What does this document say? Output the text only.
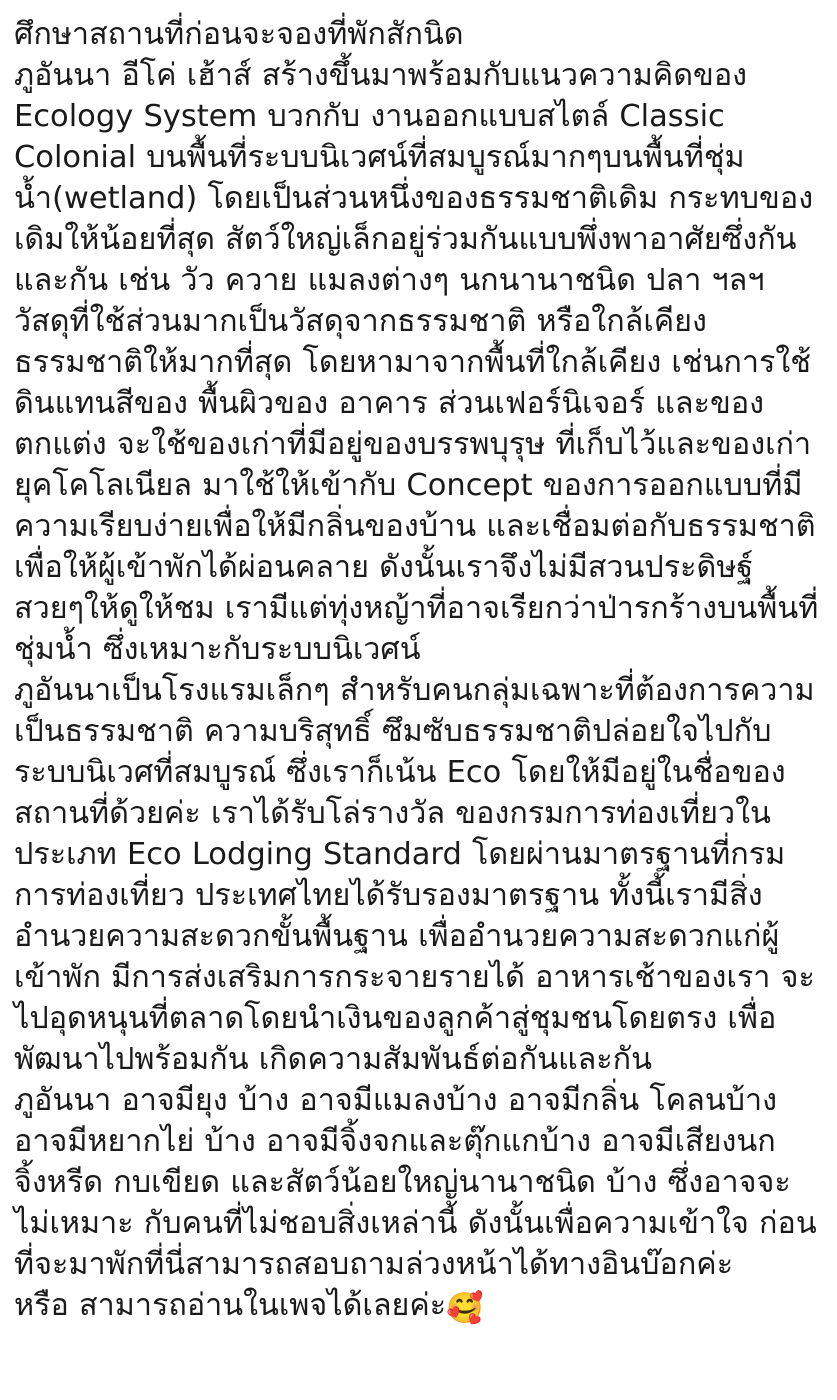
ศึกษาสถานที่ก่อนจะจองที่พักสักนิด

ภูอันนา อีโค่ เฮ้าส์ สร้างขึ้นมาพร้อมกับแนวความคิดของ Ecology System บวกกับ งานออกแบบสไตล์ Classic Colonial บนพื้นที่ระบบนิเวศน์ที่สมบูรณ์มากๆบนพื้นที่ชุ่มน้ำ(wetland) โดยเป็นส่วนหนึ่งของธรรมชาติเดิม กระทบของเดิมให้น้อยที่สุด สัตว์ใหญ่เล็กอยู่ร่วมกันแบบพึ่งพาอาศัยซึ่งกันและกัน เช่น วัว ควาย แมลงต่างๆ นกนานาชนิด ปลา ฯลฯ วัสดุที่ใช้ส่วนมากเป็นวัสดุจากธรรมชาติ หรือใกล้เคียงธรรมชาติให้มากที่สุด โดยหามาจากพื้นที่ใกล้เคียง เช่นการใช้ดินแทนสีของ พื้นผิวของ อาคาร ส่วนเฟอร์นิเจอร์ และของตกแต่ง จะใช้ของเก่าที่มีอยู่ของบรรพบุรุษ ที่เก็บไว้และของเก่ายุคโคโลเนียล มาใช้ให้เข้ากับ Concept ของการออกแบบที่มีความเรียบง่ายเพื่อให้มีกลิ่นของบ้าน และเชื่อมต่อกับธรรมชาติ เพื่อให้ผู้เข้าพักได้ผ่อนคลาย ดังนั้นเราจึงไม่มีสวนประดิษฐ์สวยๆให้ดูให้ชม เรามีแต่ทุ่งหญ้าที่อาจเรียกว่าป่ารกร้างบนพื้นที่ชุ่มน้ำ ซึ่งเหมาะกับระบบนิเวศน์

ภูอันนาเป็นโรงแรมเล็กๆ สำหรับคนกลุ่มเฉพาะที่ต้องการความเป็นธรรมชาติ ความบริสุทธิ์ ซึมซับธรรมชาติปล่อยใจไปกับระบบนิเวศที่สมบูรณ์ ซึ่งเราก็เน้น Eco โดยให้มีอยู่ในชื่อของสถานที่ด้วยค่ะ เราได้รับโล่รางวัล ของกรมการท่องเที่ยวในประเภท Eco Lodging Standard โดยผ่านมาตรฐานที่กรมการท่องเที่ยว ประเทศไทยได้รับรองมาตรฐาน ทั้งนี้เรามีสิ่งอำนวยความสะดวกขั้นพื้นฐาน เพื่ออำนวยความสะดวกแก่ผู้เข้าพัก มีการส่งเสริมการกระจายรายได้ อาหารเช้าของเรา จะไปอุดหนุนที่ตลาดโดยนำเงินของลูกค้าสู่ชุมชนโดยตรง เพื่อพัฒนาไปพร้อมกัน เกิดความสัมพันธ์ต่อกันและกัน

ภูอันนา อาจมียุง บ้าง อาจมีแมลงบ้าง อาจมีกลิ่น โคลนบ้าง อาจมีหยากไย่ บ้าง อาจมีจิ้งจกและตุ๊กแกบ้าง อาจมีเสียงนกจิ้งหรีด กบเขียด และสัตว์น้อยใหญ่นานาชนิด บ้าง ซึ่งอาจจะไม่เหมาะ กับคนที่ไม่ชอบสิ่งเหล่านี้ ดังนั้นเพื่อความเข้าใจ ก่อนที่จะมาพักที่นี่สามารถสอบถามล่วงหน้าได้ทางอินบ๊อกค่ะ

หรือ สามารถอ่านในเพจได้เลยค่ะ🥰
